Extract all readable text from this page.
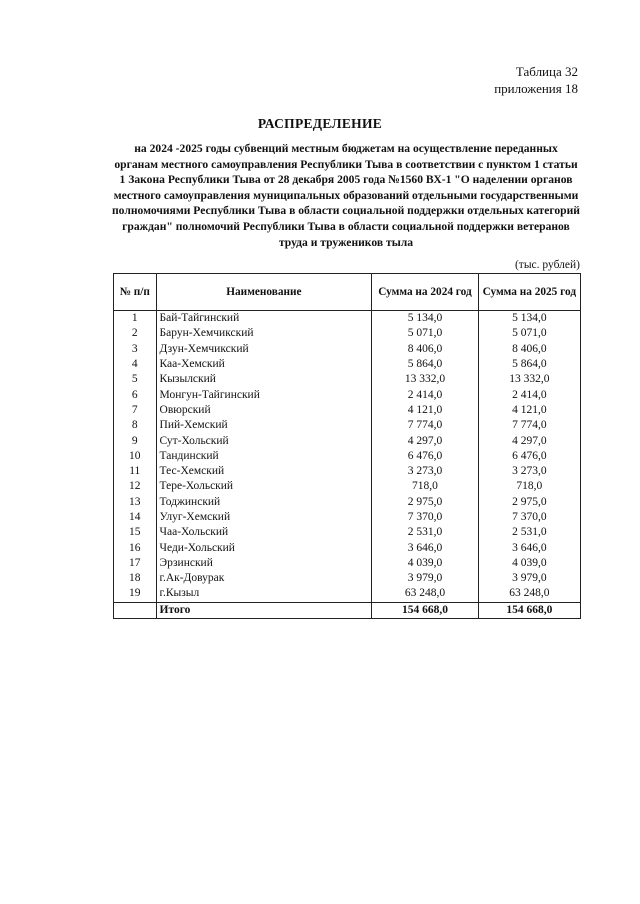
Таблица 32
приложения 18
РАСПРЕДЕЛЕНИЕ
на 2024 -2025 годы субвенций местным бюджетам на осуществление переданных органам местного самоуправления Республики Тыва в соответствии с пунктом 1 статьи 1 Закона Республики Тыва от 28 декабря 2005 года №1560 ВХ-1 "О наделении органов местного самоуправления муниципальных образований отдельными государственными полномочиями Республики Тыва в области социальной поддержки отдельных категорий граждан" полномочий Республики Тыва в области социальной поддержки ветеранов труда и тружеников тыла
(тыс. рублей)
№ п/п	Наименование	Сумма на 2024 год	Сумма на 2025 год
1	Бай-Тайгинский	5 134,0	5 134,0
2	Барун-Хемчикский	5 071,0	5 071,0
3	Дзун-Хемчикский	8 406,0	8 406,0
4	Каа-Хемский	5 864,0	5 864,0
5	Кызылский	13 332,0	13 332,0
6	Монгун-Тайгинский	2 414,0	2 414,0
7	Овюрский	4 121,0	4 121,0
8	Пий-Хемский	7 774,0	7 774,0
9	Сут-Хольский	4 297,0	4 297,0
10	Тандинский	6 476,0	6 476,0
11	Тес-Хемский	3 273,0	3 273,0
12	Тере-Хольский	718,0	718,0
13	Тоджинский	2 975,0	2 975,0
14	Улуг-Хемский	7 370,0	7 370,0
15	Чаа-Хольский	2 531,0	2 531,0
16	Чеди-Хольский	3 646,0	3 646,0
17	Эрзинский	4 039,0	4 039,0
18	г.Ак-Довурак	3 979,0	3 979,0
19	г.Кызыл	63 248,0	63 248,0
	Итого	154 668,0	154 668,0
